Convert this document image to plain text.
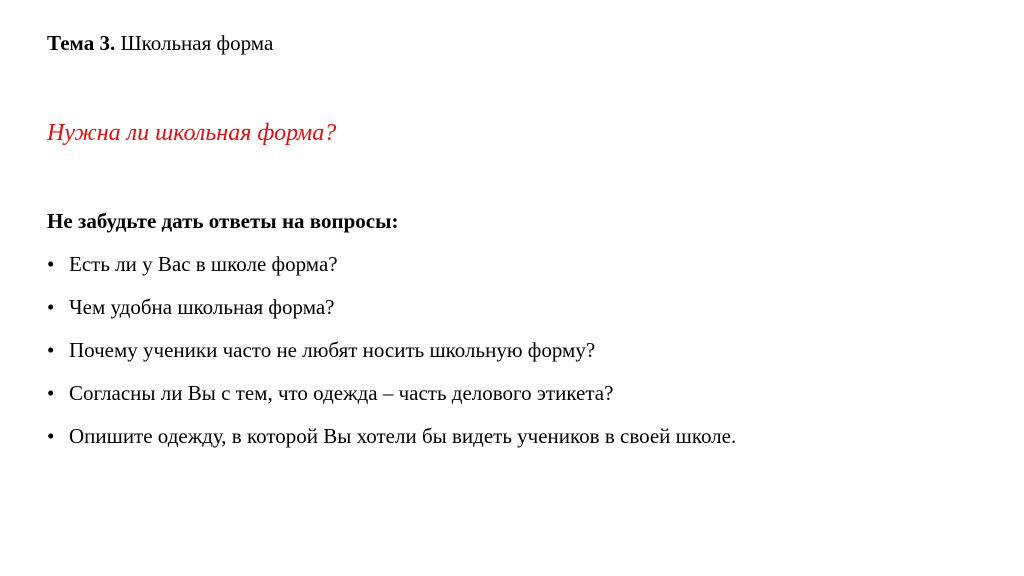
Тема 3. Школьная форма
Нужна ли школьная форма?
Не забудьте дать ответы на вопросы:
• Есть ли у Вас в школе форма?
• Чем удобна школьная форма?
• Почему ученики часто не любят носить школьную форму?
• Согласны ли Вы с тем, что одежда – часть делового этикета?
• Опишите одежду, в которой Вы хотели бы видеть учеников в своей школе.
